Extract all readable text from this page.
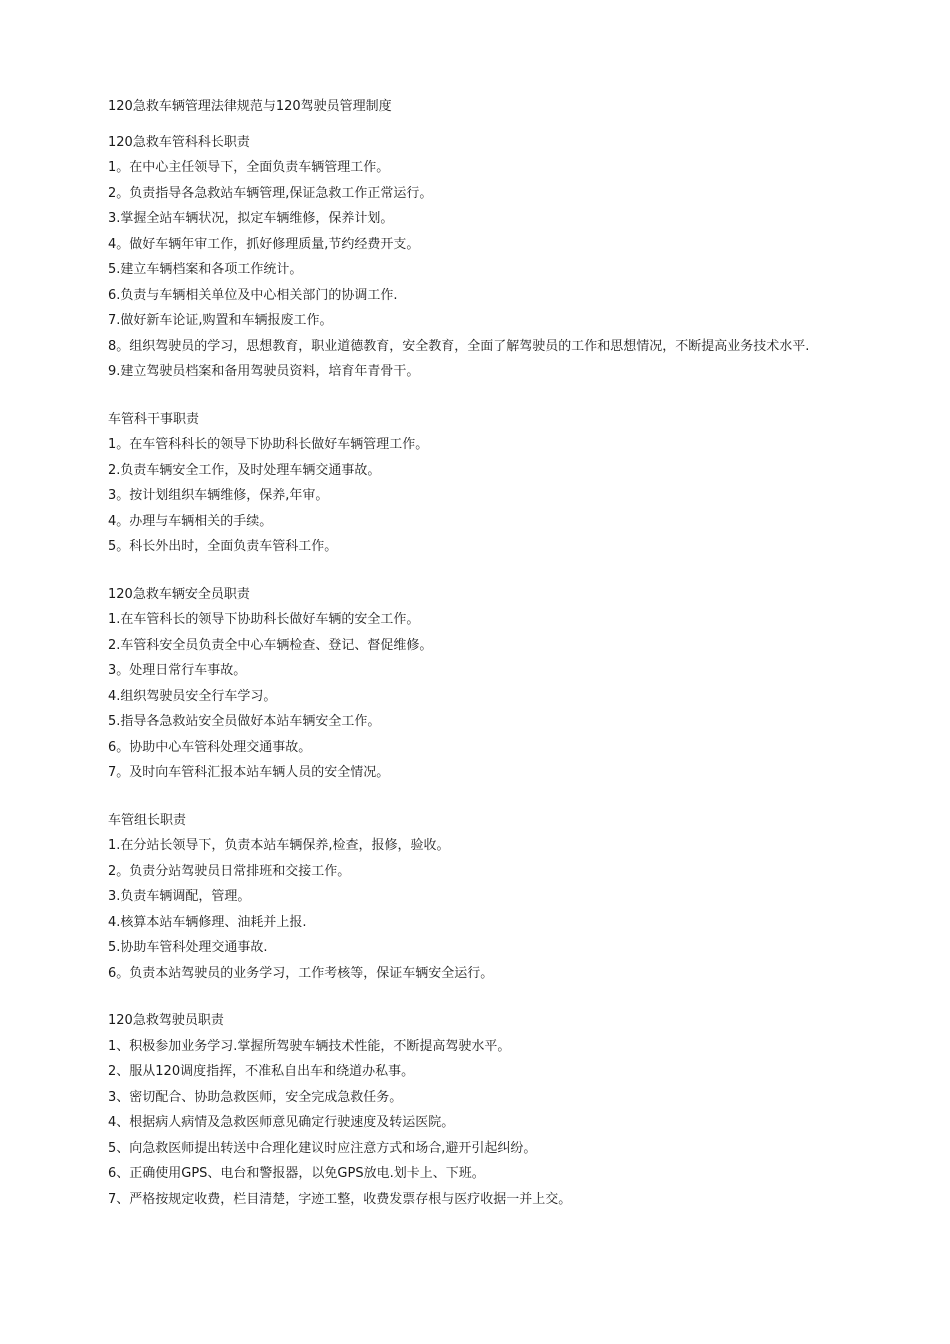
120急救车辆管理法律规范与120驾驶员管理制度

120急救车管科科长职责

1。在中心主任领导下，全面负责车辆管理工作。

2。负责指导各急救站车辆管理,保证急救工作正常运行。

3.掌握全站车辆状况，拟定车辆维修，保养计划。

4。做好车辆年审工作，抓好修理质量,节约经费开支。

5.建立车辆档案和各项工作统计。

6.负责与车辆相关单位及中心相关部门的协调工作.

7.做好新车论证,购置和车辆报废工作。

8。组织驾驶员的学习，思想教育，职业道德教育，安全教育，全面了解驾驶员的工作和思想情况，不断提高业务技术水平.

9.建立驾驶员档案和备用驾驶员资料，培育年青骨干。

车管科干事职责

1。在车管科科长的领导下协助科长做好车辆管理工作。

2.负责车辆安全工作，及时处理车辆交通事故。

3。按计划组织车辆维修，保养,年审。

4。办理与车辆相关的手续。

5。科长外出时，全面负责车管科工作。

120急救车辆安全员职责

1.在车管科长的领导下协助科长做好车辆的安全工作。

2.车管科安全员负责全中心车辆检查、登记、督促维修。

3。处理日常行车事故。

4.组织驾驶员安全行车学习。

5.指导各急救站安全员做好本站车辆安全工作。

6。协助中心车管科处理交通事故。

7。及时向车管科汇报本站车辆人员的安全情况。

车管组长职责

1.在分站长领导下，负责本站车辆保养,检查，报修，验收。

2。负责分站驾驶员日常排班和交接工作。

3.负责车辆调配，管理。

4.核算本站车辆修理、油耗并上报.

5.协助车管科处理交通事故.

6。负责本站驾驶员的业务学习，工作考核等，保证车辆安全运行。

120急救驾驶员职责

1、积极参加业务学习.掌握所驾驶车辆技术性能，不断提高驾驶水平。

2、服从120调度指挥，不准私自出车和绕道办私事。

3、密切配合、协助急救医师，安全完成急救任务。

4、根据病人病情及急救医师意见确定行驶速度及转运医院。

5、向急救医师提出转送中合理化建议时应注意方式和场合,避开引起纠纷。

6、正确使用GPS、电台和警报器，以免GPS放电.划卡上、下班。

7、严格按规定收费，栏目清楚，字迹工整，收费发票存根与医疗收据一并上交。
